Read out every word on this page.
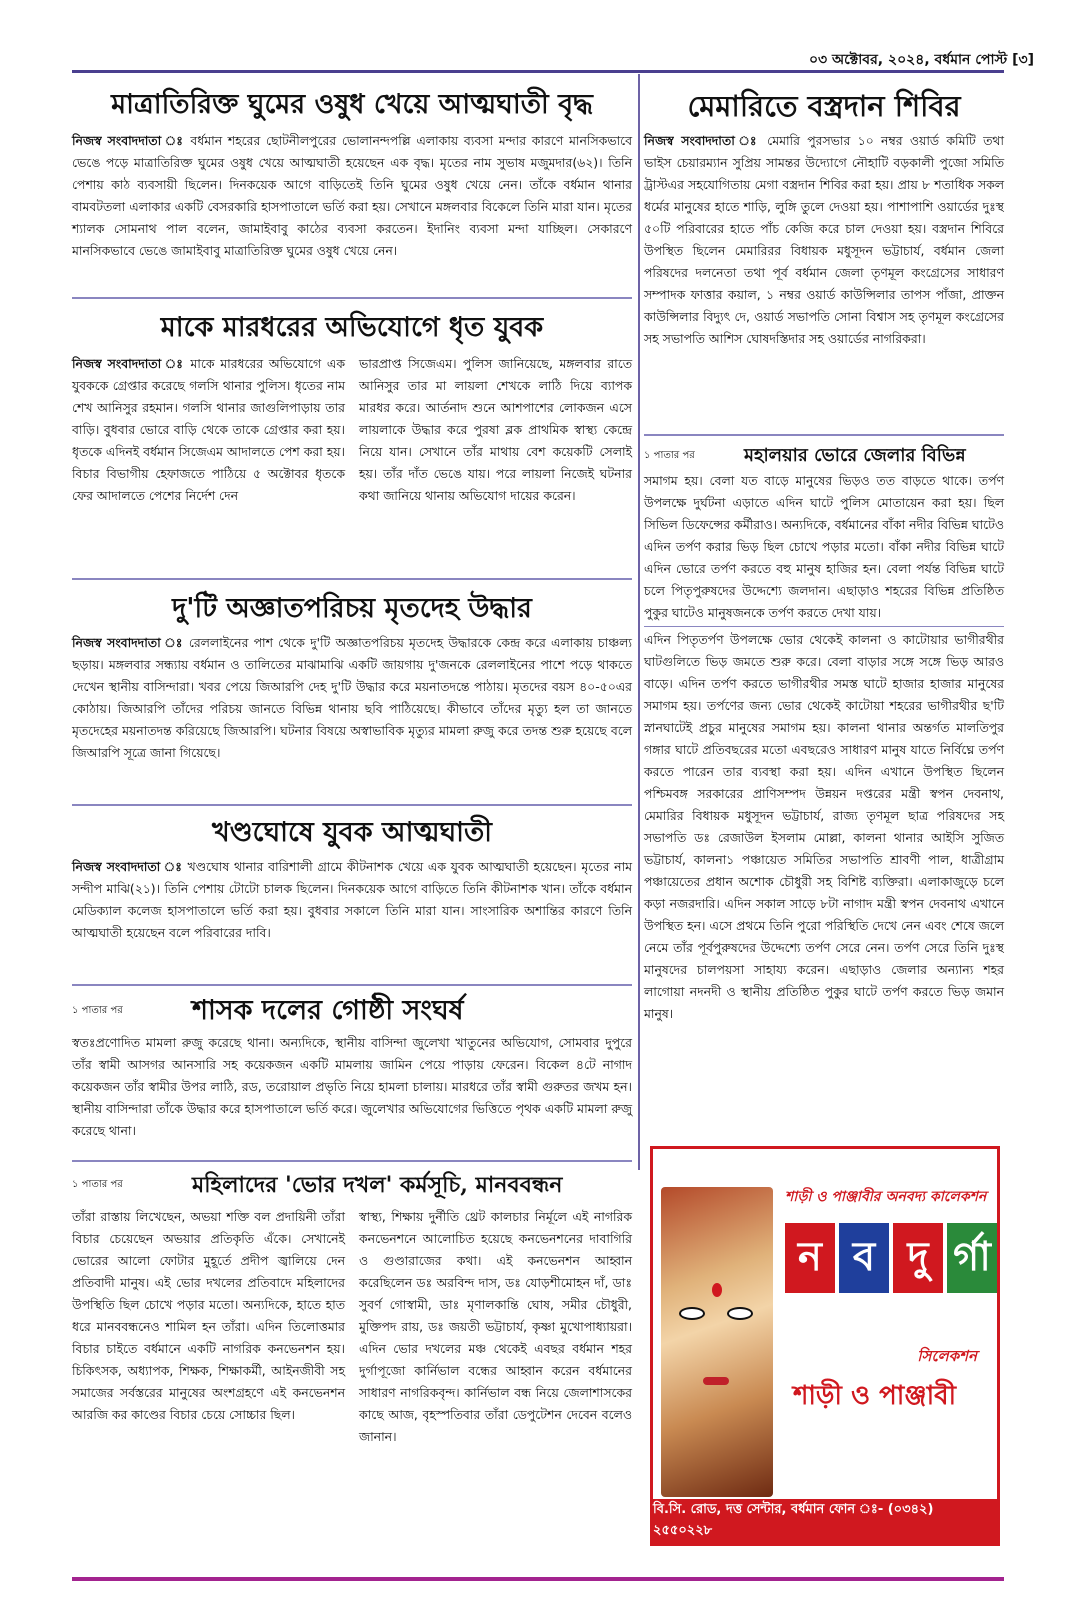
০৩ অক্টোবর, ২০২৪, বর্ধমান পোস্ট [৩]
মাত্রাতিরিক্ত ঘুমের ওষুধ খেয়ে আত্মঘাতী বৃদ্ধ

নিজস্ব সংবাদদাতা ঃ বর্ধমান শহরের ছোটনীলপুরের ভোলানন্দপল্লি এলাকায় ব্যবসা মন্দার কারণে মানসিকভাবে ভেঙে পড়ে মাত্রাতিরিক্ত ঘুমের ওষুধ খেয়ে আত্মঘাতী হয়েছেন এক বৃদ্ধ। মৃতের নাম সুভাষ মজুমদার(৬২)। তিনি পেশায় কাঠ ব্যবসায়ী ছিলেন। দিনকয়েক আগে বাড়িতেই তিনি ঘুমের ওষুধ খেয়ে নেন। তাঁকে বর্ধমান থানার বামবটতলা এলাকার একটি বেসরকারি হাসপাতালে ভর্তি করা হয়। সেখানে মঙ্গলবার বিকেলে তিনি মারা যান। মৃতের শ্যালক সোমনাথ পাল বলেন, জামাইবাবু কাঠের ব্যবসা করতেন। ইদানিং ব্যবসা মন্দা যাচ্ছিল। সেকারণে মানসিকভাবে ভেঙে জামাইবাবু মাত্রাতিরিক্ত ঘুমের ওষুধ খেয়ে নেন।

মাকে মারধরের অভিযোগে ধৃত যুবক

নিজস্ব সংবাদদাতা ঃ মাকে মারধরের অভিযোগে এক যুবককে গ্রেপ্তার করেছে গলসি থানার পুলিস। ধৃতের নাম শেখ আনিসুর রহমান। গলসি থানার জাগুলিপাড়ায় তার বাড়ি। বুধবার ভোরে বাড়ি থেকে তাকে গ্রেপ্তার করা হয়। ধৃতকে এদিনই বর্ধমান সিজেএম আদালতে পেশ করা হয়। বিচার বিভাগীয় হেফাজতে পাঠিয়ে ৫ অক্টোবর ধৃতকে ফের আদালতে পেশের নির্দেশ দেন

ভারপ্রাপ্ত সিজেএম। পুলিস জানিয়েছে, মঙ্গলবার রাতে আনিসুর তার মা লায়লা শেখকে লাঠি দিয়ে ব্যাপক মারধর করে। আর্তনাদ শুনে আশপাশের লোকজন এসে লায়লাকে উদ্ধার করে পুরষা ব্লক প্রাথমিক স্বাস্থ্য কেন্দ্রে নিয়ে যান। সেখানে তাঁর মাথায় বেশ কয়েকটি সেলাই হয়। তাঁর দাঁত ভেঙে যায়। পরে লায়লা নিজেই ঘটনার কথা জানিয়ে থানায় অভিযোগ দায়ের করেন।

দু'টি অজ্ঞাতপরিচয় মৃতদেহ উদ্ধার

নিজস্ব সংবাদদাতা ঃ রেললাইনের পাশ থেকে দু'টি অজ্ঞাতপরিচয় মৃতদেহ উদ্ধারকে কেন্দ্র করে এলাকায় চাঞ্চল্য ছড়ায়। মঙ্গলবার সন্ধ্যায় বর্ধমান ও তালিতের মাঝামাঝি একটি জায়গায় দু'জনকে রেললাইনের পাশে পড়ে থাকতে দেখেন স্থানীয় বাসিন্দারা। খবর পেয়ে জিআরপি দেহ দু'টি উদ্ধার করে ময়নাতদন্তে পাঠায়। মৃতদের বয়স ৪০-৫০এর কোঠায়। জিআরপি তাঁদের পরিচয় জানতে বিভিন্ন থানায় ছবি পাঠিয়েছে। কীভাবে তাঁদের মৃত্যু হল তা জানতে মৃতদেহের ময়নাতদন্ত করিয়েছে জিআরপি। ঘটনার বিষয়ে অস্বাভাবিক মৃত্যুর মামলা রুজু করে তদন্ত শুরু হয়েছে বলে জিআরপি সূত্রে জানা গিয়েছে।

খণ্ডঘোষে যুবক আত্মঘাতী

নিজস্ব সংবাদদাতা ঃ খণ্ডঘোষ থানার বারিশালী গ্রামে কীটনাশক খেয়ে এক যুবক আত্মঘাতী হয়েছেন। মৃতের নাম সন্দীপ মাঝি(২১)। তিনি পেশায় টোটো চালক ছিলেন। দিনকয়েক আগে বাড়িতে তিনি কীটনাশক খান। তাঁকে বর্ধমান মেডিক্যাল কলেজ হাসপাতালে ভর্তি করা হয়। বুধবার সকালে তিনি মারা যান। সাংসারিক অশান্তির কারণে তিনি আত্মঘাতী হয়েছেন বলে পরিবারের দাবি।

১ পাতার পর	শাসক দলের গোষ্ঠী সংঘর্ষ

স্বতঃপ্রণোদিত মামলা রুজু করেছে থানা। অন্যদিকে, স্থানীয় বাসিন্দা জুলেখা খাতুনের অভিযোগ, সোমবার দুপুরে তাঁর স্বামী আসগর আনসারি সহ কয়েকজন একটি মামলায় জামিন পেয়ে পাড়ায় ফেরেন। বিকেল ৪টে নাগাদ কয়েকজন তাঁর স্বামীর উপর লাঠি, রড, তরোয়াল প্রভৃতি নিয়ে হামলা চালায়। মারধরে তাঁর স্বামী গুরুতর জখম হন। স্থানীয় বাসিন্দারা তাঁকে উদ্ধার করে হাসপাতালে ভর্তি করে। জুলেখার অভিযোগের ভিত্তিতে পৃথক একটি মামলা রুজু করেছে থানা।

১ পাতার পর	মহিলাদের 'ভোর দখল' কর্মসূচি, মানববন্ধন

তাঁরা রাস্তায় লিখেছেন, অভয়া শক্তি বল প্রদায়িনী তাঁরা বিচার চেয়েছেন অভয়ার প্রতিকৃতি এঁকে। সেখানেই ভোরের আলো ফোটার মুহূর্তে প্রদীপ জ্বালিয়ে দেন প্রতিবাদী মানুষ। এই ভোর দখলের প্রতিবাদে মহিলাদের উপস্থিতি ছিল চোখে পড়ার মতো। অন্যদিকে, হাতে হাত ধরে মানববন্ধনেও শামিল হন তাঁরা। এদিন তিলোত্তমার বিচার চাইতে বর্ধমানে একটি নাগরিক কনভেনশন হয়। চিকিৎসক, অধ্যাপক, শিক্ষক, শিক্ষাকর্মী, আইনজীবী সহ সমাজের সর্বস্তরের মানুষের অংশগ্রহণে এই কনভেনশন আরজি কর কাণ্ডের বিচার চেয়ে সোচ্চার ছিল।

স্বাস্থ্য, শিক্ষায় দুর্নীতি থ্রেট কালচার নির্মূলে এই নাগরিক কনভেনশনে আলোচিত হয়েছে কনভেনশনের দাবাগিরি ও গুণ্ডারাজের কথা। এই কনভেনশন আহ্বান করেছিলেন ডঃ অরবিন্দ দাস, ডঃ যোড়শীমোহন দাঁ, ডাঃ সুবর্ণ গোস্বামী, ডাঃ মৃণালকান্তি ঘোষ, সমীর চৌধুরী, মুক্তিপদ রায়, ডঃ জয়তী ভট্টাচার্য, কৃষ্ণা মুখোপাধ্যায়রা। এদিন ভোর দখলের মঞ্চ থেকেই এবছর বর্ধমান শহর দুর্গাপূজো কার্নিভাল বন্ধের আহ্বান করেন বর্ধমানের সাধারণ নাগরিকবৃন্দ। কার্নিভাল বন্ধ নিয়ে জেলাশাসকের কাছে আজ, বৃহস্পতিবার তাঁরা ডেপুটেশন দেবেন বলেও জানান।

মেমারিতে বস্ত্রদান শিবির

নিজস্ব সংবাদদাতা ঃ মেমারি পুরসভার ১০ নম্বর ওয়ার্ড কমিটি তথা ভাইস চেয়ারম্যান সুপ্রিয় সামন্তর উদ্যোগে নৌহাটি বড়কালী পুজো সমিতি ট্রাস্টএর সহযোগিতায় মেগা বস্ত্রদান শিবির করা হয়। প্রায় ৮ শতাধিক সকল ধর্মের মানুষের হাতে শাড়ি, লুঙ্গি তুলে দেওয়া হয়। পাশাপাশি ওয়ার্ডের দুঃস্থ ৫০টি পরিবারের হাতে পাঁচ কেজি করে চাল দেওয়া হয়। বস্ত্রদান শিবিরে উপস্থিত ছিলেন মেমারিরর বিধায়ক মধুসূদন ভট্টাচার্য, বর্ধমান জেলা পরিষদের দলনেতা তথা পূর্ব বর্ধমান জেলা তৃণমূল কংগ্রেসের সাধারণ সম্পাদক ফাত্তার কয়াল, ১ নম্বর ওয়ার্ড কাউন্সিলার তাপস পাঁজা, প্রাক্তন কাউন্সিলার বিদ্যুৎ দে, ওয়ার্ড সভাপতি সোনা বিশ্বাস সহ তৃণমূল কংগ্রেসের সহ সভাপতি আশিস ঘোষদস্তিদার সহ ওয়ার্ডের নাগরিকরা।

১ পাতার পর	মহালয়ার ভোরে জেলার বিভিন্ন

সমাগম হয়। বেলা যত বাড়ে মানুষের ভিড়ও তত বাড়তে থাকে। তর্পণ উপলক্ষে দুর্ঘটনা এড়াতে এদিন ঘাটে পুলিস মোতায়েন করা হয়। ছিল সিভিল ডিফেন্সের কর্মীরাও। অন্যদিকে, বর্ধমানের বাঁকা নদীর বিভিন্ন ঘাটেও এদিন তর্পণ করার ভিড় ছিল চোখে পড়ার মতো। বাঁকা নদীর বিভিন্ন ঘাটে এদিন ভোরে তর্পণ করতে বহু মানুষ হাজির হন। বেলা পর্যন্ত বিভিন্ন ঘাটে চলে পিতৃপুরুষদের উদ্দেশ্যে জলদান। এছাড়াও শহরের বিভিন্ন প্রতিষ্ঠিত পুকুর ঘাটেও মানুষজনকে তর্পণ করতে দেখা যায়।

এদিন পিতৃতর্পণ উপলক্ষে ভোর থেকেই কালনা ও কাটোয়ার ভাগীরথীর ঘাটগুলিতে ভিড় জমতে শুরু করে। বেলা বাড়ার সঙ্গে সঙ্গে ভিড় আরও বাড়ে। এদিন তর্পণ করতে ভাগীরথীর সমস্ত ঘাটে হাজার হাজার মানুষের সমাগম হয়। তর্পণের জন্য ভোর থেকেই কাটোয়া শহরের ভাগীরথীর ছ'টি স্নানঘাটেই প্রচুর মানুষের সমাগম হয়। কালনা থানার অন্তর্গত মালতিপুর গঙ্গার ঘাটে প্রতিবছরের মতো এবছরেও সাধারণ মানুষ যাতে নির্বিঘ্নে তর্পণ করতে পারেন তার ব্যবস্থা করা হয়। এদিন এখানে উপস্থিত ছিলেন পশ্চিমবঙ্গ সরকারের প্রাণিসম্পদ উন্নয়ন দপ্তরের মন্ত্রী স্বপন দেবনাথ, মেমারির বিধায়ক মধুসূদন ভট্টাচার্য, রাজ্য তৃণমূল ছাত্র পরিষদের সহ সভাপতি ডঃ রেজাউল ইসলাম মোল্লা, কালনা থানার আইসি সুজিত ভট্টাচার্য, কালনা১ পঞ্চায়েত সমিতির সভাপতি শ্রাবণী পাল, ধাত্রীগ্রাম পঞ্চায়েতের প্রধান অশোক চৌধুরী সহ বিশিষ্ট ব্যক্তিরা। এলাকাজুড়ে চলে কড়া নজরদারি। এদিন সকাল সাড়ে ৮টা নাগাদ মন্ত্রী স্বপন দেবনাথ এখানে উপস্থিত হন। এসে প্রথমে তিনি পুরো পরিস্থিতি দেখে নেন এবং শেষে জলে নেমে তাঁর পূর্বপুরুষদের উদ্দেশ্যে তর্পণ সেরে নেন। তর্পণ সেরে তিনি দুঃস্থ মানুষদের চালপয়সা সাহায্য করেন। এছাড়াও জেলার অন্যান্য শহর লাগোয়া নদনদী ও স্থানীয় প্রতিষ্ঠিত পুকুর ঘাটে তর্পণ করতে ভিড় জমান মানুষ।

শাড়ী ও পাঞ্জাবীর অনবদ্য কালেকশন
ন ব দু র্গা
সিলেকশন
শাড়ী ও পাঞ্জাবী
বি.সি. রোড, দত্ত সেন্টার, বর্ধমান ফোন ঃ- (০৩৪২) ২৫৫০২২৮
